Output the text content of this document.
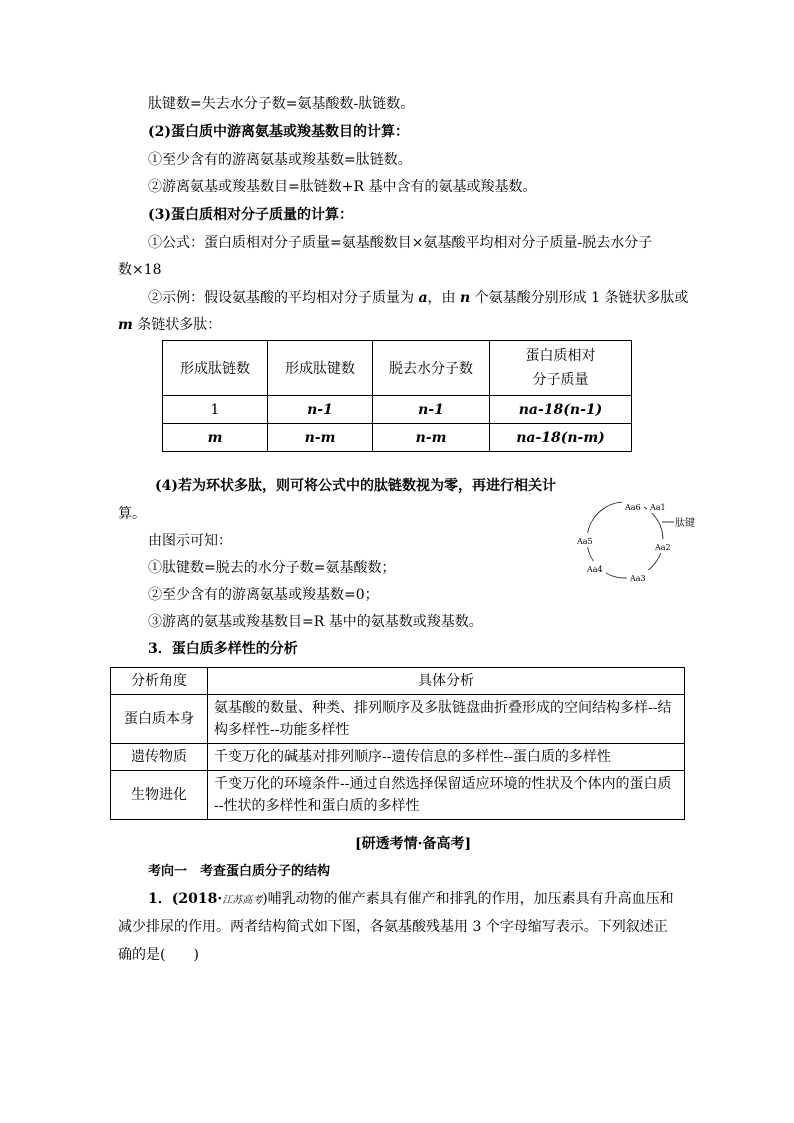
肽键数=失去水分子数=氨基酸数-肽链数。
(2)蛋白质中游离氨基或羧基数目的计算：
①至少含有的游离氨基或羧基数=肽链数。
②游离氨基或羧基数目=肽链数+R 基中含有的氨基或羧基数。
(3)蛋白质相对分子质量的计算：
①公式：蛋白质相对分子质量=氨基酸数目×氨基酸平均相对分子质量-脱去水分子
数×18
②示例：假设氨基酸的平均相对分子质量为 a，由 n 个氨基酸分别形成 1 条链状多肽或
m 条链状多肽：
形成肽链数	形成肽键数	脱去水分子数	蛋白质相对
分子质量

1	n-1	n-1	na-18(n-1)
m	n-m	n-m	na-18(n-m)
(4)若为环状多肽，则可将公式中的肽链数视为零，再进行相关计
算。
由图示可知：
①肽键数=脱去的水分子数=氨基酸数；
②至少含有的游离氨基或羧基数=0；
③游离的氨基或羧基数目=R 基中的氨基数或羧基数。
3．蛋白质多样性的分析
Aa6 Aa1
Aa2
Aa3
Aa4
Aa5
肽键
分析角度	具体分析
蛋白质本身	氨基酸的数量、种类、排列顺序及多肽链盘曲折叠形成的空间结构多样--结
构多样性--功能多样性

遗传物质	千变万化的碱基对排列顺序--遗传信息的多样性--蛋白质的多样性

生物进化	千变万化的环境条件--通过自然选择保留适应环境的性状及个体内的蛋白质
--性状的多样性和蛋白质的多样性
[研透考情·备高考]
考向一　考查蛋白质分子的结构
1．(2018·江苏高考)哺乳动物的催产素具有催产和排乳的作用，加压素具有升高血压和
减少排尿的作用。两者结构简式如下图，各氨基酸残基用 3 个字母缩写表示。下列叙述正
确的是(　　)
